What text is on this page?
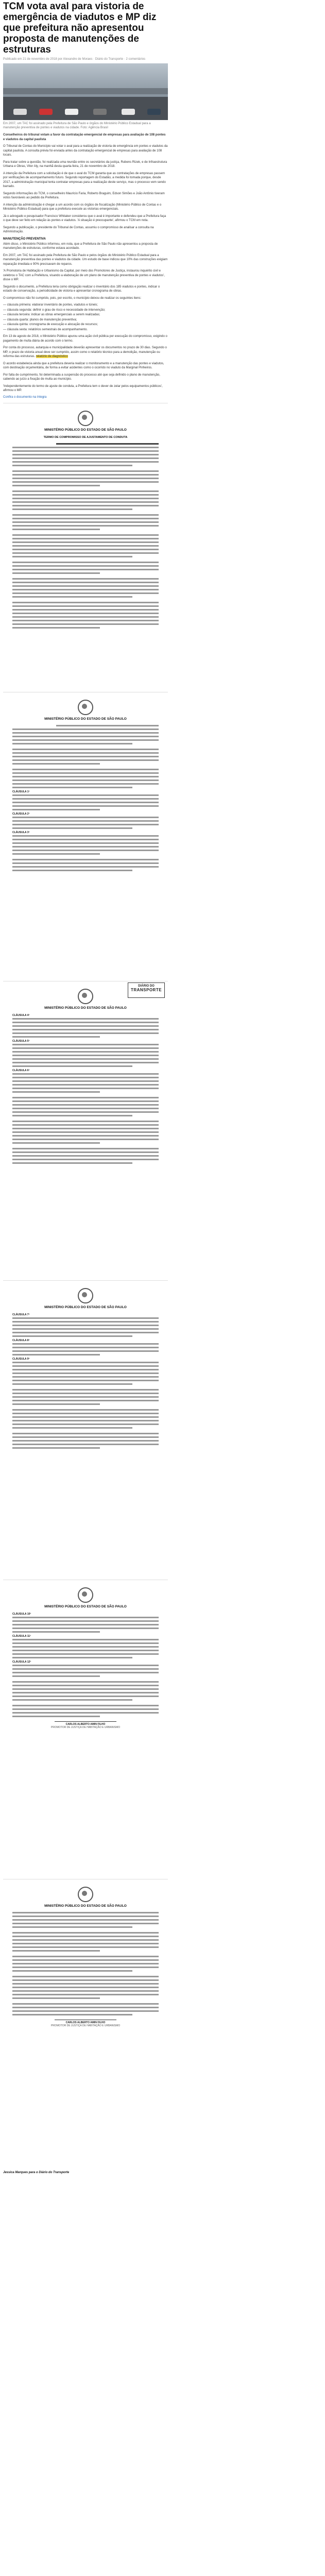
TCM vota aval para vistoria de emergência de viadutos e MP diz que prefeitura não apresentou proposta de manutenções de estruturas
Publicado em 21 de novembro de 2018 por Alexandre de Moraes · Diário do Transporte · 2 comentários
Em 2007, um TAC foi assinado pela Prefeitura de São Paulo e órgãos do Ministério Público Estadual para a manutenção preventiva de pontes e viadutos na cidade. Foto: Agência Brasil

Conselheiros do tribunal votam a favor da contratação emergencial de empresas para avaliação de 108 pontes e viadutos da capital paulista

O Tribunal de Contas do Município vai votar o aval para a realização de vistoria de emergência em pontes e viadutos da capital paulista. A consulta prévia foi enviada antes da contratação emergencial de empresas para avaliação de 108 locais.

Para tratar sobre a questão, foi realizada uma reunião entre os secretários da justiça, Rubens Rizek, e de Infraestrutura Urbana e Obras, Vitor Aly, na manhã desta quarta-feira, 21 de novembro de 2018.

A intenção da Prefeitura com a solicitação é de que o aval do TCM garanta que as contratações de empresas passem por verificações de acompanhamento futuro. Segundo reportagem do Estadão, a medida foi tomada porque, desde 2017, a administração municipal tenta contratar empresas para a realização deste serviço, mas o processo vem sendo barrado.

Segundo informações do TCM, o conselheiro Maurício Faria, Roberto Braguim, Edson Simões e João Antônio tiveram votos favoráveis ao pedido da Prefeitura.

A intenção da administração é chegar a um acordo com os órgãos de fiscalização (Ministério Público de Contas e o Ministério Público Estadual) para que a prefeitura execute as vistorias emergenciais.

Já o advogado e pesquisador Francisco Whitaker considerou que o aval é importante e defendeu que a Prefeitura faça o que deve ser feito em relação às pontes e viadutos. 'A situação é preocupante', afirmou o TCM em nota.

Segundo a publicação, o presidente do Tribunal de Contas, assumiu o compromisso de analisar a consulta na Administração.

MANUTENÇÃO PREVENTIVA

Além disso, o Ministério Público informou, em nota, que a Prefeitura de São Paulo não apresentou a proposta de manutenções de estruturas, conforme estava acordado.

Em 2007, um TAC foi assinado pela Prefeitura de São Paulo e pelos órgãos do Ministério Público Estadual para a manutenção preventiva das pontes e viadutos da cidade. Um estudo de base indicou que 10% das construções exigiam reparação imediata e 90% precisavam de reparos.

'A Promotoria de Habitação e Urbanismo da Capital, por meio dos Promotores de Justiça, instaurou inquérito civil e celebrou o TAC com a Prefeitura, visando a elaboração de um plano de manutenção preventiva de pontes e viadutos', disse o MP.

Segundo o documento, a Prefeitura teria como obrigação realizar o inventário dos 185 viadutos e pontes, indicar o estado de conservação, a periodicidade de vistoria e apresentar cronograma de obras.

O compromisso não foi cumprido, pois, por escrito, o município deixou de realizar os seguintes itens:

— cláusula primeira: elaborar inventário de pontes, viadutos e túneis;

— cláusula segunda: definir o grau de risco e necessidade de intervenção;

— cláusula terceira: indicar as obras emergenciais a serem realizadas;

— cláusula quarta: planos de manutenção preventiva;

— cláusula quinta: cronograma de execução e alocação de recursos;

— cláusula sexta: relatórios semestrais de acompanhamento.

Em 13 de agosto de 2018, o Ministério Público apurou uma ação civil pública por execução do compromisso, exigindo o pagamento de multa diária de acordo com o termo.

Por conta do processo, autarquia e municipalidade deverão apresentar os documentos no prazo de 30 dias. Segundo o MP, o prazo de vistoria anual deve ser cumprido, assim como o relatório técnico para a demolição, manutenção ou reforma das estruturas. relatório de diagnóstico

O acordo estabelecia ainda que a prefeitura deveria realizar o monitoramento e a manutenção das pontes e viadutos, com destinação orçamentária, de forma a evitar acidentes como o ocorrido no viaduto da Marginal Pinheiros.

Por falta de cumprimento, foi determinada a suspensão do processo até que seja definido o plano de manutenção, cabendo ao juízo a fixação de multa ao município.

'Independentemente do termo de ajuste de conduta, a Prefeitura tem o dever de zelar pelos equipamentos públicos', afirmou o MP.

Confira o documento na íntegra
MINISTÉRIO PÚBLICO DO ESTADO DE SÃO PAULO
TERMO DE COMPROMISSO DE AJUSTAMENTO DE CONDUTA
MINISTÉRIO PÚBLICO DO ESTADO DE SÃO PAULO
CLÁUSULA 1ª
CLÁUSULA 2ª
CLÁUSULA 3ª
DIÁRIO DO
TRANSPORTE
MINISTÉRIO PÚBLICO DO ESTADO DE SÃO PAULO
CLÁUSULA 4ª
CLÁUSULA 5ª
CLÁUSULA 6ª
MINISTÉRIO PÚBLICO DO ESTADO DE SÃO PAULO
CLÁUSULA 7ª
CLÁUSULA 8ª
CLÁUSULA 9ª
MINISTÉRIO PÚBLICO DO ESTADO DE SÃO PAULO
CLÁUSULA 10ª
CLÁUSULA 11ª
CLÁUSULA 12ª
CARLOS ALBERTO AMIN FILHO
PROMOTOR DE JUSTIÇA DE HABITAÇÃO E URBANISMO
MINISTÉRIO PÚBLICO DO ESTADO DE SÃO PAULO
CARLOS ALBERTO AMIN FILHO
PROMOTOR DE JUSTIÇA DE HABITAÇÃO E URBANISMO
Jessica Marques para o Diário do Transporte
